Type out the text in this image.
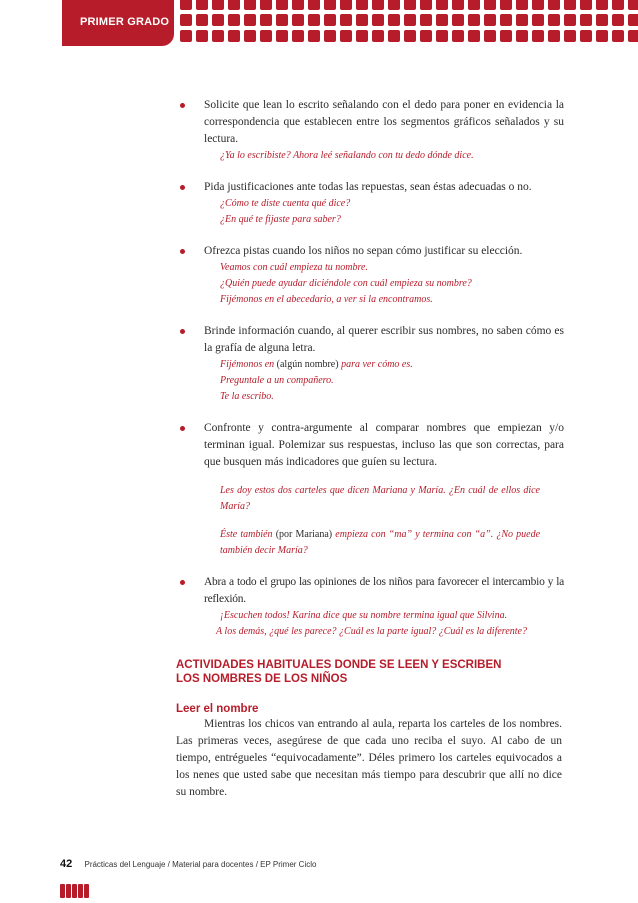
PRIMER GRADO
Solicite que lean lo escrito señalando con el dedo para poner en evidencia la correspondencia que establecen entre los segmentos gráficos señalados y su lectura.
¿Ya lo escribiste? Ahora leé señalando con tu dedo dónde dice.
Pida justificaciones ante todas las repuestas, sean éstas adecuadas o no.
¿Cómo te diste cuenta qué dice?
¿En qué te fijaste para saber?
Ofrezca pistas cuando los niños no sepan cómo justificar su elección.
Veamos con cuál empieza tu nombre.
¿Quién puede ayudar diciéndole con cuál empieza su nombre?
Fijémonos en el abecedario, a ver si la encontramos.
Brinde información cuando, al querer escribir sus nombres, no saben cómo es la grafía de alguna letra.
Fijémonos en (algún nombre) para ver cómo es.
Preguntale a un compañero.
Te la escribo.
Confronte y contra-argumente al comparar nombres que empiezan y/o terminan igual. Polemizar sus respuestas, incluso las que son correctas, para que busquen más indicadores que guíen su lectura.
Les doy estos dos carteles que dicen Mariana y María. ¿En cuál de ellos dice María?
Éste también (por Mariana) empieza con “ma” y termina con “a”. ¿No puede también decir María?
Abra a todo el grupo las opiniones de los niños para favorecer el intercambio y la reflexión.
¡Escuchen todos! Karina dice que su nombre termina igual que Silvina.
A los demás, ¿qué les parece? ¿Cuál es la parte igual? ¿Cuál es la diferente?
ACTIVIDADES HABITUALES DONDE SE LEEN Y ESCRIBEN
LOS NOMBRES DE LOS NIÑOS
Leer el nombre
Mientras los chicos van entrando al aula, reparta los carteles de los nombres. Las primeras veces, asegúrese de que cada uno reciba el suyo. Al cabo de un tiempo, entrégueles “equivocadamente”. Déles primero los carteles equivocados a los nenes que usted sabe que necesitan más tiempo para descubrir que allí no dice su nombre.
42 Prácticas del Lenguaje / Material para docentes / EP Primer Ciclo
